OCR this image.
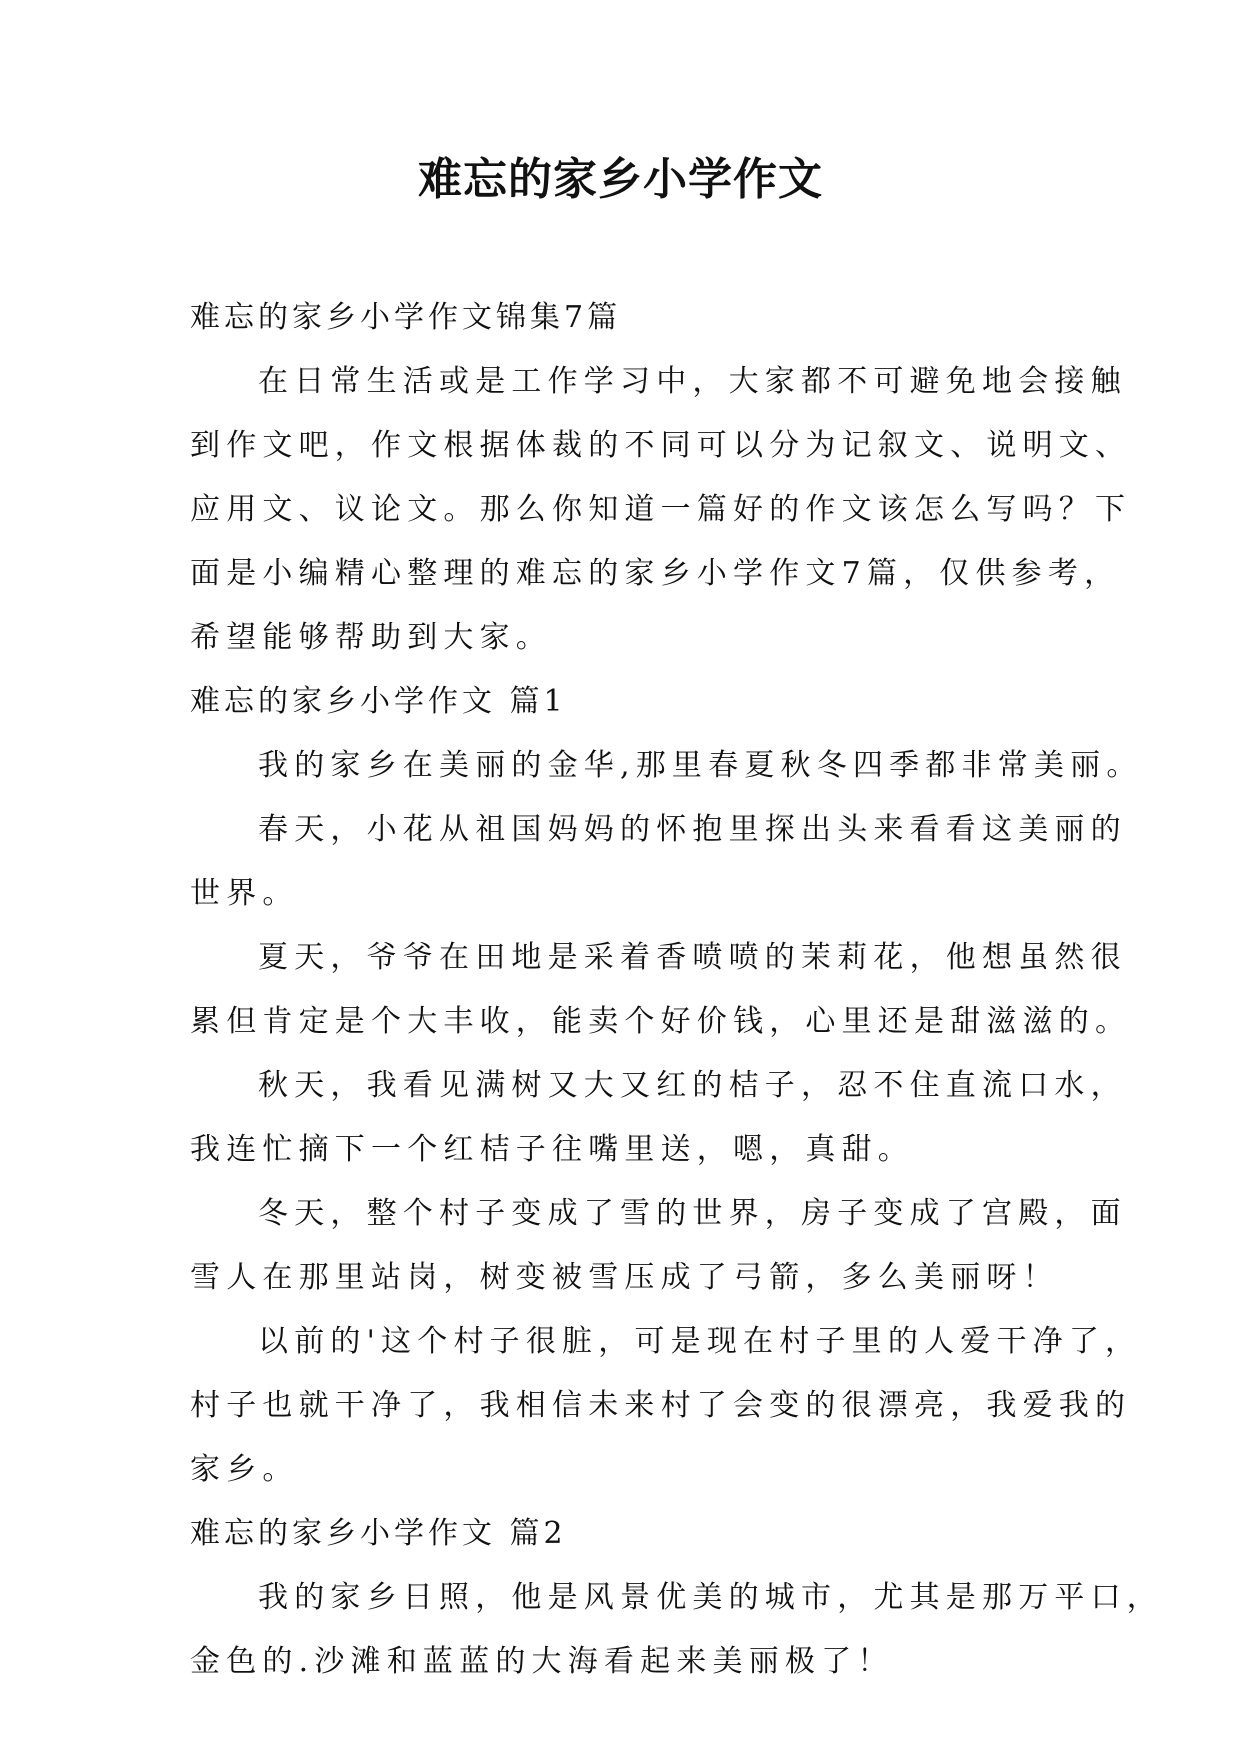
难忘的家乡小学作文

难忘的家乡小学作文锦集7篇

在日常生活或是工作学习中，大家都不可避免地会接触

到作文吧，作文根据体裁的不同可以分为记叙文、说明文、

应用文、议论文。那么你知道一篇好的作文该怎么写吗？下

面是小编精心整理的难忘的家乡小学作文7篇，仅供参考，

希望能够帮助到大家。

难忘的家乡小学作文 篇1

我的家乡在美丽的金华,那里春夏秋冬四季都非常美丽。

春天，小花从祖国妈妈的怀抱里探出头来看看这美丽的

世界。

夏天，爷爷在田地是采着香喷喷的茉莉花，他想虽然很

累但肯定是个大丰收，能卖个好价钱，心里还是甜滋滋的。

秋天，我看见满树又大又红的桔子，忍不住直流口水，

我连忙摘下一个红桔子往嘴里送，嗯，真甜。

冬天，整个村子变成了雪的世界，房子变成了宫殿，面

雪人在那里站岗，树变被雪压成了弓箭，多么美丽呀！

以前的'这个村子很脏，可是现在村子里的人爱干净了，

村子也就干净了，我相信未来村了会变的很漂亮，我爱我的

家乡。

难忘的家乡小学作文 篇2

我的家乡日照，他是风景优美的城市，尤其是那万平口，

金色的.沙滩和蓝蓝的大海看起来美丽极了！
